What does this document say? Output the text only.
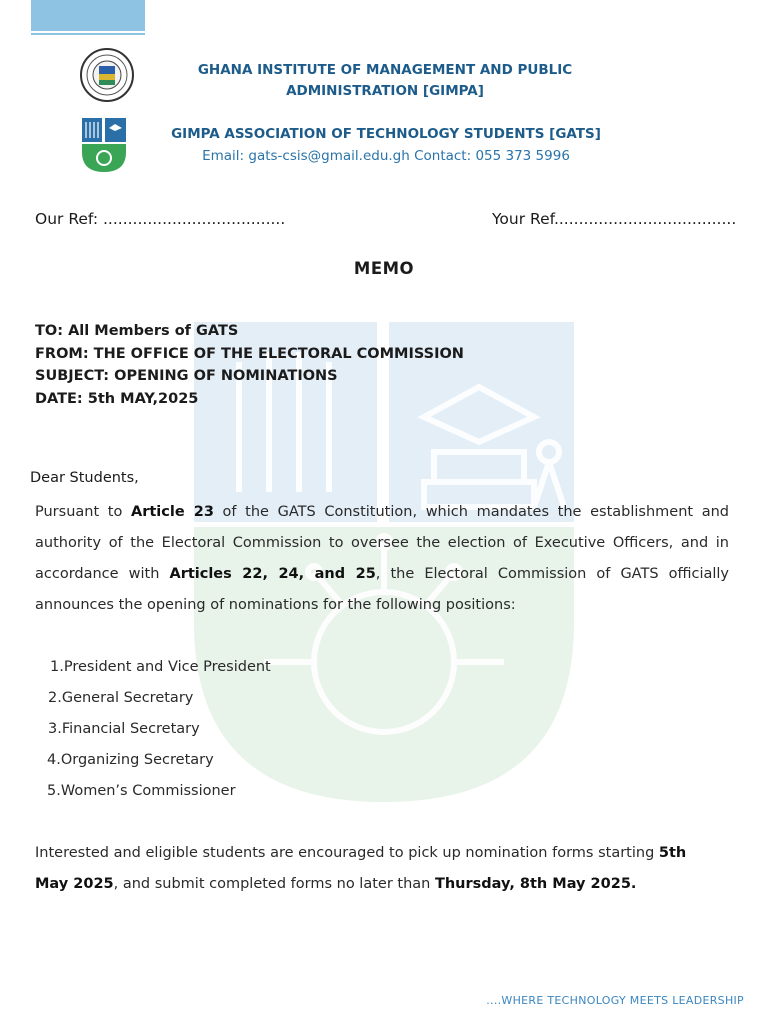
GHANA INSTITUTE OF MANAGEMENT AND PUBLIC
ADMINISTRATION [GIMPA]
GIMPA ASSOCIATION OF TECHNOLOGY STUDENTS [GATS]
Email: gats-csis@gmail.edu.gh Contact: 055 373 5996
Our Ref: .....................................	Your Ref.....................................
MEMO
TO: All Members of GATS
FROM: THE OFFICE OF THE ELECTORAL COMMISSION
SUBJECT: OPENING OF NOMINATIONS
DATE: 5th MAY,2025
Dear Students,
Pursuant to Article 23 of the GATS Constitution, which mandates the establishment and authority of the Electoral Commission to oversee the election of Executive Officers, and in accordance with Articles 22, 24, and 25, the Electoral Commission of GATS officially announces the opening of nominations for the following positions:
1.President and Vice President
2.General Secretary
3.Financial Secretary
4.Organizing Secretary
5.Women’s Commissioner
Interested and eligible students are encouraged to pick up nomination forms starting 5th May 2025, and submit completed forms no later than Thursday, 8th May 2025.
....WHERE TECHNOLOGY MEETS LEADERSHIP
